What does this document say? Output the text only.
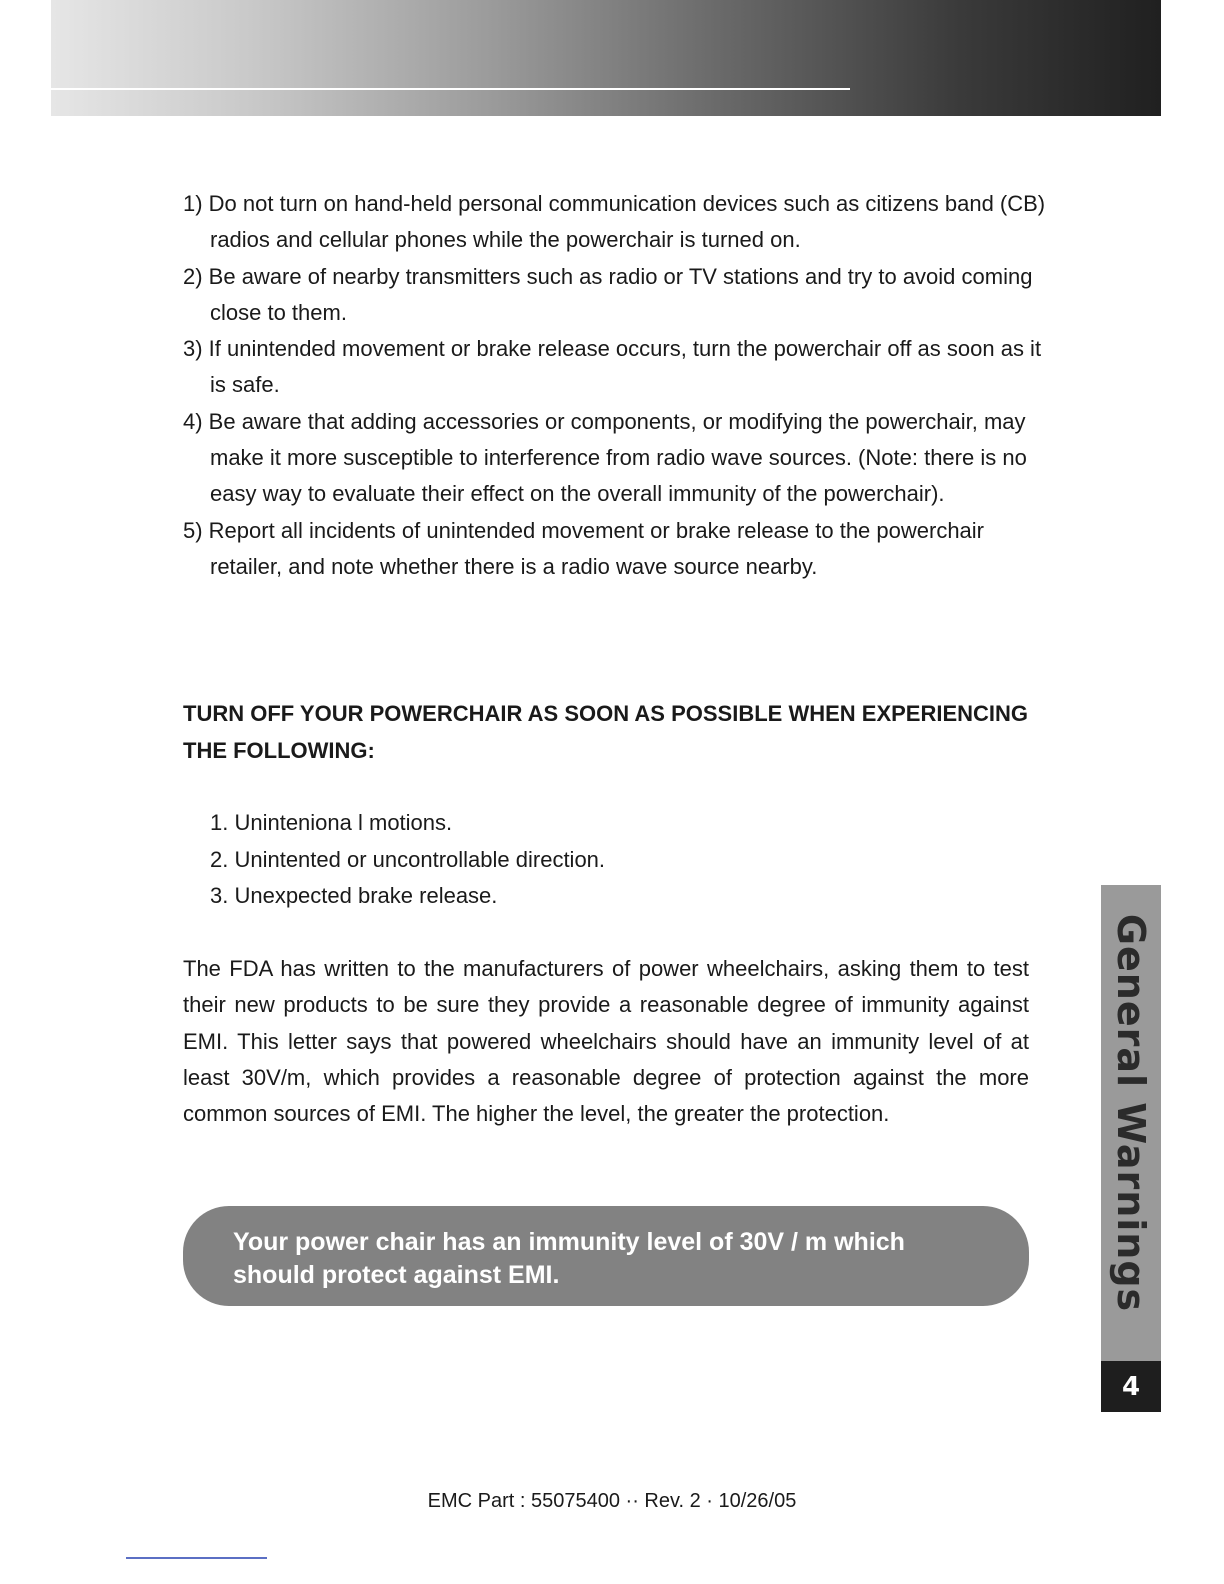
1) Do not turn on hand-held personal communication devices such as citizens band (CB) radios and cellular phones while the powerchair is turned on.
2) Be aware of nearby transmitters such as radio or TV stations and try to avoid coming close to them.
3) If unintended movement or brake release occurs, turn the powerchair off as soon as it is safe.
4) Be aware that adding accessories or components, or modifying the powerchair, may make it more susceptible to interference from radio wave sources. (Note: there is no easy way to evaluate their effect on the overall immunity of the powerchair).
5) Report all incidents of unintended movement or brake release to the powerchair retailer, and note whether there is a radio wave source nearby.

TURN OFF YOUR POWERCHAIR AS SOON AS POSSIBLE WHEN EXPERIENCING THE FOLLOWING:

1. Uninteniona l motions.
2. Unintented or uncontrollable direction.
3. Unexpected brake release.

The FDA has written to the manufacturers of power wheelchairs, asking them to test their new products to be sure they provide a reasonable degree of immunity against EMI. This letter says that powered wheelchairs should have an immunity level of at least 30V/m, which provides a reasonable degree of protection against the more common sources of EMI. The higher the level, the greater the protection.

Your power chair has an immunity level of 30V / m which should protect against EMI.	General Warnings
4
EMC Part : 55075400 ·· Rev. 2 · 10/26/05
